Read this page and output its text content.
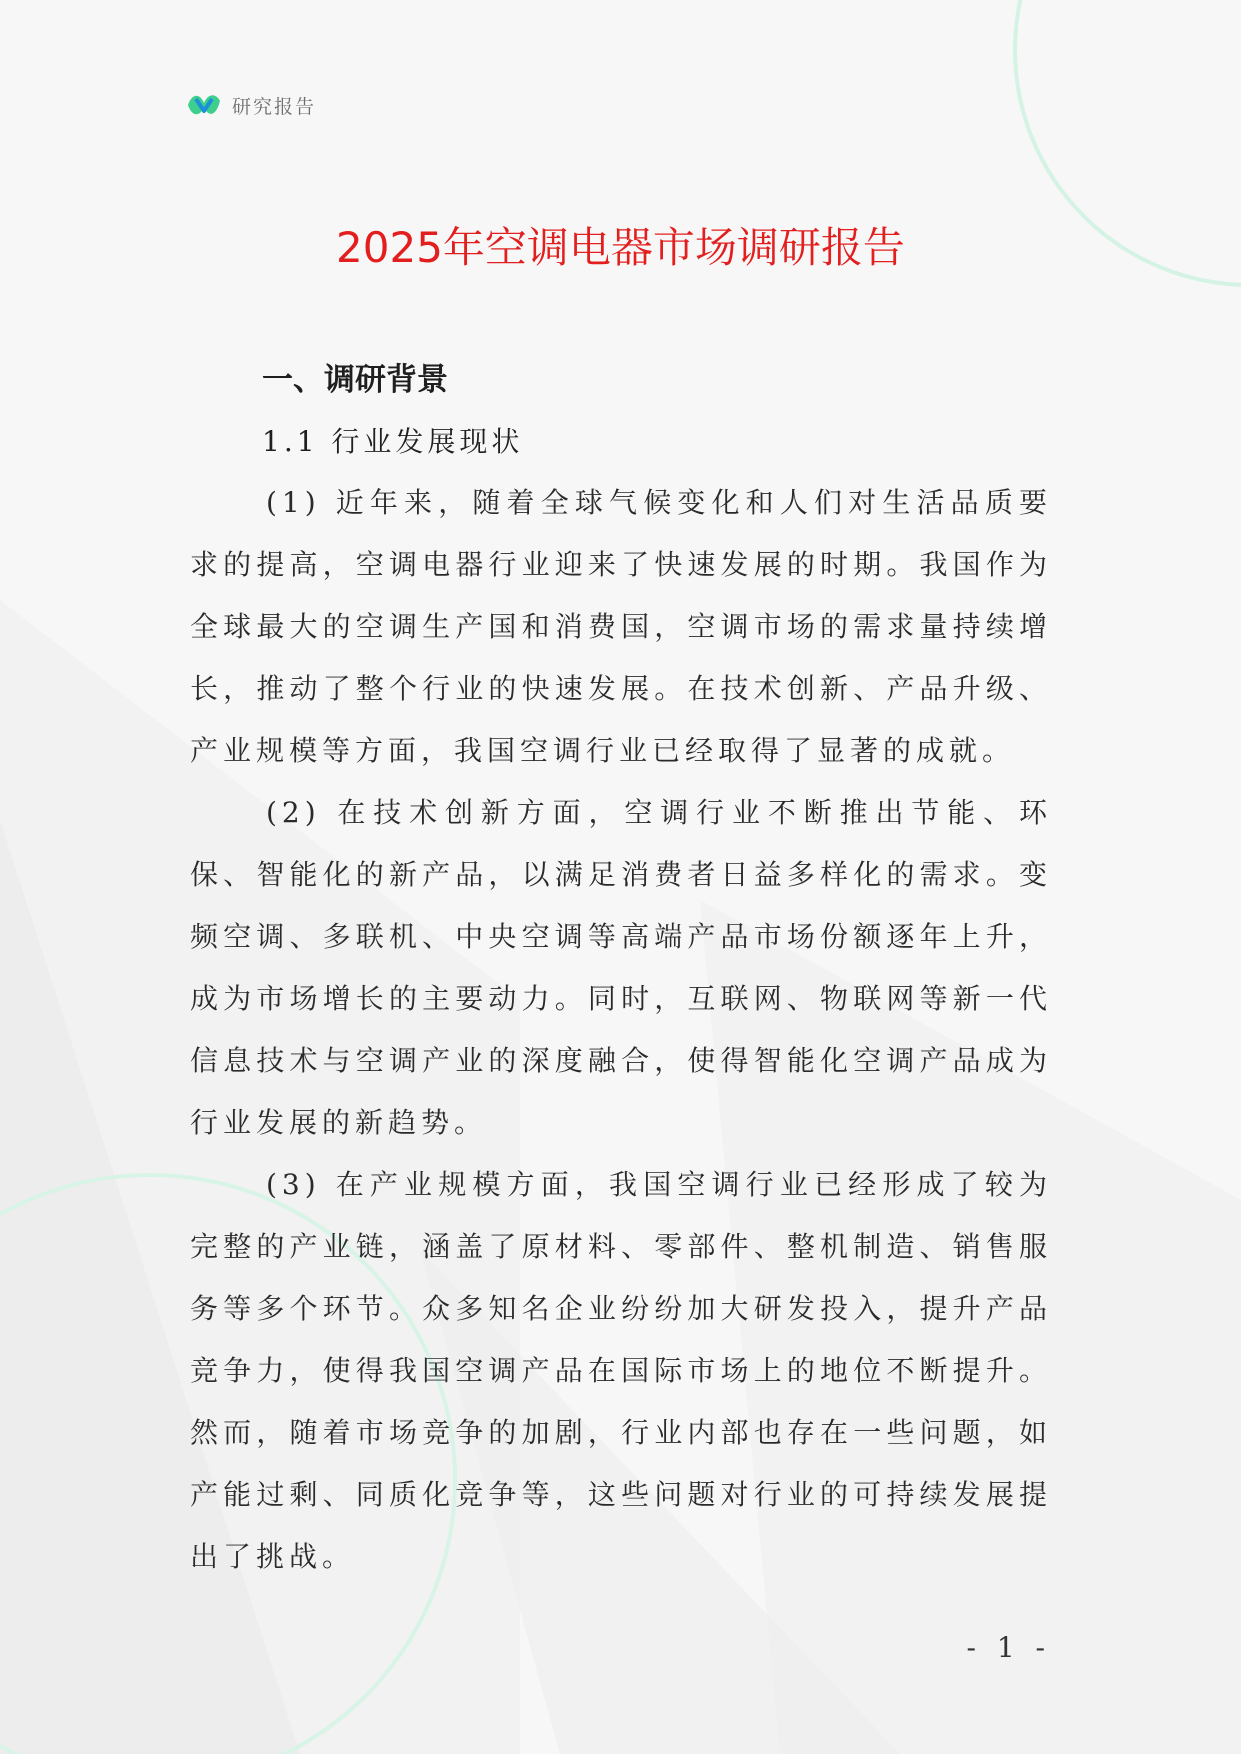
研究报告
2025年空调电器市场调研报告
一、调研背景
1.1 行业发展现状

(1) 近年来，随着全球气候变化和人们对生活品质要求的提高，空调电器行业迎来了快速发展的时期。我国作为全球最大的空调生产国和消费国，空调市场的需求量持续增长，推动了整个行业的快速发展。在技术创新、产品升级、产业规模等方面，我国空调行业已经取得了显著的成就。

(2) 在技术创新方面，空调行业不断推出节能、环保、智能化的新产品，以满足消费者日益多样化的需求。变频空调、多联机、中央空调等高端产品市场份额逐年上升，成为市场增长的主要动力。同时，互联网、物联网等新一代信息技术与空调产业的深度融合，使得智能化空调产品成为行业发展的新趋势。

(3) 在产业规模方面，我国空调行业已经形成了较为完整的产业链，涵盖了原材料、零部件、整机制造、销售服务等多个环节。众多知名企业纷纷加大研发投入，提升产品竞争力，使得我国空调产品在国际市场上的地位不断提升。然而，随着市场竞争的加剧，行业内部也存在一些问题，如产能过剩、同质化竞争等，这些问题对行业的可持续发展提出了挑战。

- 1 -
